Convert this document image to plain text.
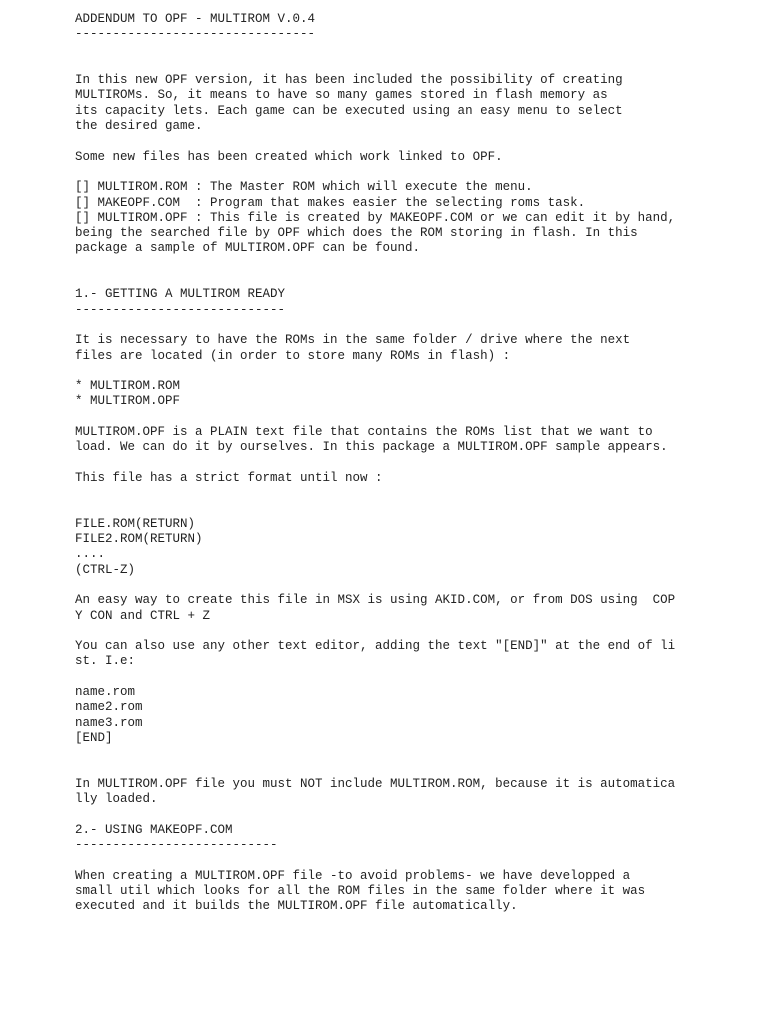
ADDENDUM TO OPF - MULTIROM V.0.4
--------------------------------
In this new OPF version, it has been included the possibility of creating
MULTIROMs. So, it means to have so many games stored in flash memory as
its capacity lets. Each game can be executed using an easy menu to select
the desired game.
Some new files has been created which work linked to OPF.
[] MULTIROM.ROM : The Master ROM which will execute the menu.
[] MAKEOPF.COM  : Program that makes easier the selecting roms task.
[] MULTIROM.OPF : This file is created by MAKEOPF.COM or we can edit it by hand,
being the searched file by OPF which does the ROM storing in flash. In this
package a sample of MULTIROM.OPF can be found.
1.- GETTING A MULTIROM READY
----------------------------
It is necessary to have the ROMs in the same folder / drive where the next
files are located (in order to store many ROMs in flash) :
* MULTIROM.ROM
* MULTIROM.OPF
MULTIROM.OPF is a PLAIN text file that contains the ROMs list that we want to
load. We can do it by ourselves. In this package a MULTIROM.OPF sample appears.
This file has a strict format until now :
FILE.ROM(RETURN)
FILE2.ROM(RETURN)
....
(CTRL-Z)
An easy way to create this file in MSX is using AKID.COM, or from DOS using  COP
Y CON and CTRL + Z
You can also use any other text editor, adding the text "[END]" at the end of li
st. I.e:
name.rom
name2.rom
name3.rom
[END]
In MULTIROM.OPF file you must NOT include MULTIROM.ROM, because it is automatica
lly loaded.
2.- USING MAKEOPF.COM
---------------------------
When creating a MULTIROM.OPF file -to avoid problems- we have developped a
small util which looks for all the ROM files in the same folder where it was
executed and it builds the MULTIROM.OPF file automatically.
